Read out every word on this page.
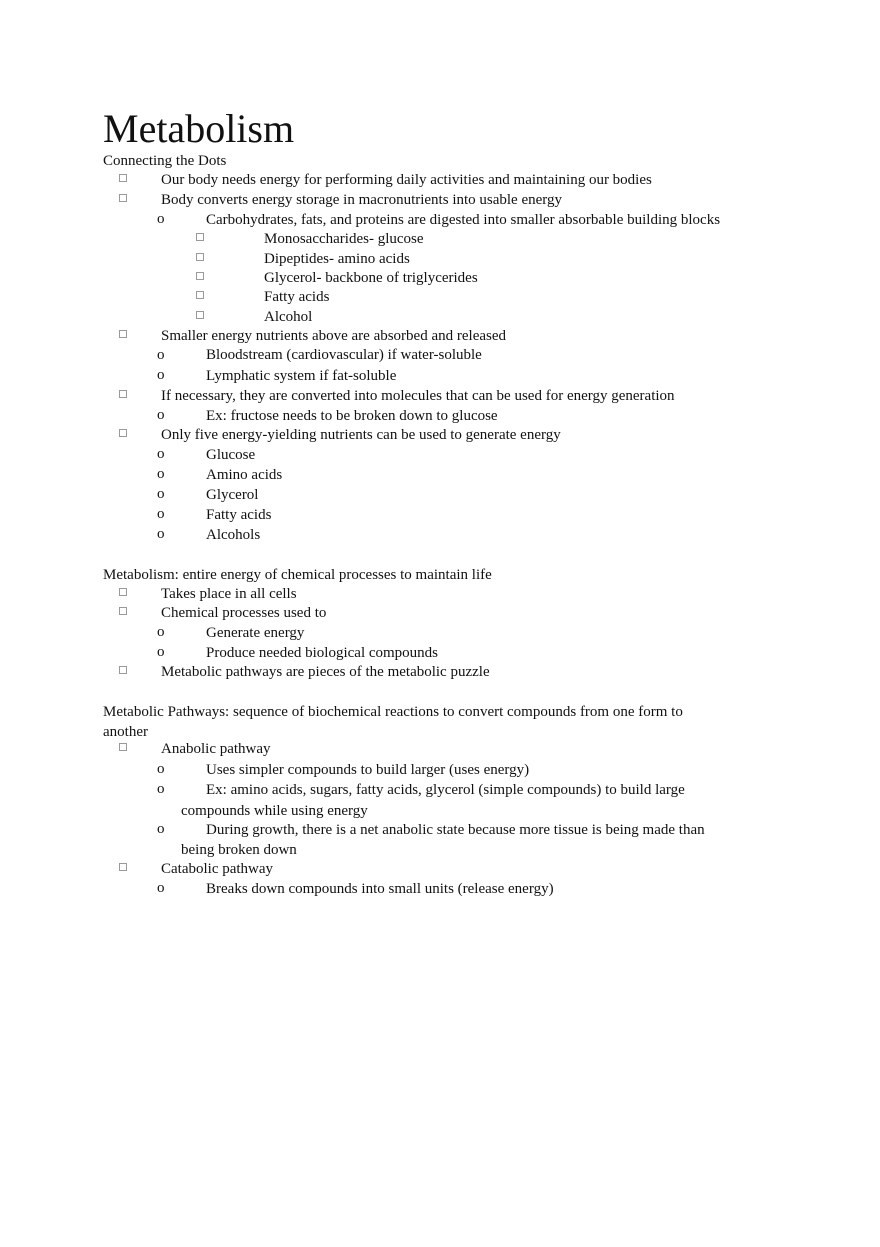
Metabolism
Connecting the Dots
Our body needs energy for performing daily activities and maintaining our bodies
Body converts energy storage in macronutrients into usable energy
o	Carbohydrates, fats, and proteins are digested into smaller absorbable building blocks
Monosaccharides- glucose
Dipeptides- amino acids
Glycerol- backbone of triglycerides
Fatty acids
Alcohol
Smaller energy nutrients above are absorbed and released
o	Bloodstream (cardiovascular) if water-soluble
o	Lymphatic system if fat-soluble
If necessary, they are converted into molecules that can be used for energy generation
o	Ex: fructose needs to be broken down to glucose
Only five energy-yielding nutrients can be used to generate energy
o	Glucose
o	Amino acids
o	Glycerol
o	Fatty acids
o	Alcohols
Metabolism: entire energy of chemical processes to maintain life
Takes place in all cells
Chemical processes used to
o	Generate energy
o	Produce needed biological compounds
Metabolic pathways are pieces of the metabolic puzzle
Metabolic Pathways: sequence of biochemical reactions to convert compounds from one form to
another
Anabolic pathway
o	Uses simpler compounds to build larger (uses energy)
o	Ex: amino acids, sugars, fatty acids, glycerol (simple compounds) to build large
compounds while using energy
o	During growth, there is a net anabolic state because more tissue is being made than
being broken down
Catabolic pathway
o	Breaks down compounds into small units (release energy)
